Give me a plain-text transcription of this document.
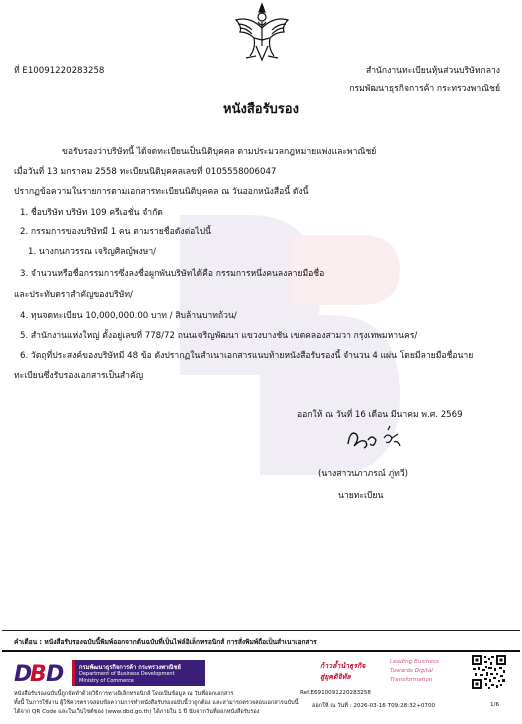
ที่ E10091220283258	สำนักงานทะเบียนหุ้นส่วนบริษัทกลาง
กรมพัฒนาธุรกิจการค้า กระทรวงพาณิชย์
หนังสือรับรอง
ขอรับรองว่าบริษัทนี้ ได้จดทะเบียนเป็นนิติบุคคล ตามประมวลกฎหมายแพ่งและพาณิชย์
เมื่อวันที่ 13 มกราคม 2558 ทะเบียนนิติบุคคลเลขที่ 0105558006047
ปรากฏข้อความในรายการตามเอกสารทะเบียนนิติบุคคล ณ วันออกหนังสือนี้ ดังนี้
1. ชื่อบริษัท บริษัท 109 ครีเอชั่น จำกัด
2. กรรมการของบริษัทมี 1 คน ตามรายชื่อดังต่อไปนี้
1. นางกนกวรรณ เจริญศิลญ์พงษา/
3. จำนวนหรือชื่อกรรมการซึ่งลงชื่อผูกพันบริษัทได้คือ กรรมการหนึ่งคนลงลายมือชื่อ
และประทับตราสำคัญของบริษัท/
4. ทุนจดทะเบียน 10,000,000.00 บาท / สิบล้านบาทถ้วน/
5. สำนักงานแห่งใหญ่ ตั้งอยู่เลขที่ 778/72 ถนนเจริญพัฒนา แขวงบางชัน เขตคลองสามวา กรุงเทพมหานคร/
6. วัตถุที่ประสงค์ของบริษัทมี 48 ข้อ ดังปรากฏในสำเนาเอกสารแนบท้ายหนังสือรับรองนี้ จำนวน 4 แผ่น โดยมีลายมือชื่อนาย
ทะเบียนซึ่งรับรองเอกสารเป็นสำคัญ
ออกให้ ณ วันที่ 16 เดือน มีนาคม พ.ศ. 2569
(นางสาวนภาภรณ์ ภู่ทวี)
นายทะเบียน
คำเตือน : หนังสือรับรองฉบับนี้พิมพ์ออกจากต้นฉบับที่เป็นไฟล์อิเล็กทรอนิกส์ การสั่งพิมพ์ถือเป็นสำเนาเอกสาร
D
B D	กรมพัฒนาธุรกิจการค้า กระทรวงพาณิชย์
Department of Business Development
Ministry of Commerce
ก้าวล้ำนำธุรกิจ
สู่ยุคดิจิทัล
Leading Business
Towards Digital
Transformation
Ref.E6910091220283258
หนังสือรับรองฉบับนี้ถูกจัดทำด้วยวิธีการทางอิเล็กทรอนิกส์ โดยเป็นข้อมูล ณ วันที่ออกเอกสาร
ทั้งนี้ ในการใช้งาน ผู้ใช้ควรตรวจสอบข้อความการทำหนังสือรับรองฉบับนี้ว่าถูกต้อง และสามารถตรวจสอบเอกสารฉบับนี้
ได้จาก QR Code และในเว็บไซต์ของ (www.dbd.go.th) ได้ภายใน 1 ปี นับจากวันที่ออกหนังสือรับรอง
ออกให้ ณ วันที่ : 2026-03-16 T09:28:32+0700	1/6
